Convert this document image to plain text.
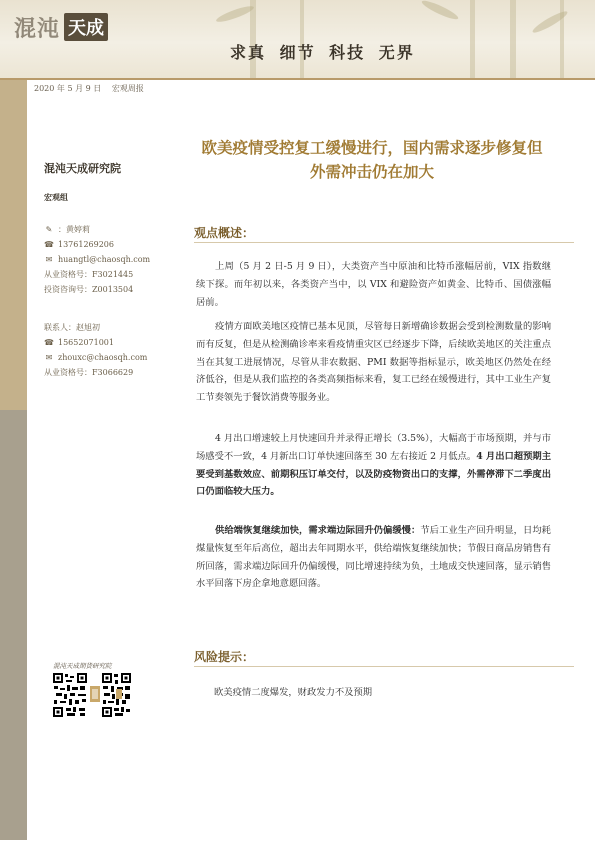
混沌 天成
求真 细节 科技 无界
2020 年 5 月 9 日 宏观周报
混沌天成研究院
宏观组
✎ ：黄婷莉
☎ 13761269206
✉ huangtl@chaosqh.com
从业资格号：F3021445
投资咨询号：Z0013504
联系人：赵旭初
☎ 15652071001
✉ zhouxc@chaosqh.com
从业资格号：F3066629
混沌天成期货研究院
欧美疫情受控复工缓慢进行，国内需求逐步修复但外需冲击仍在加大
观点概述：
上周（5 月 2 日-5 月 9 日），大类资产当中原油和比特币涨幅居前，VIX 指数继续下探。而年初以来，各类资产当中，以 VIX 和避险资产如黄金、比特币、国债涨幅居前。
疫情方面欧美地区疫情已基本见顶，尽管每日新增确诊数据会受到检测数量的影响而有反复，但是从检测确诊率来看疫情重灾区已经逐步下降，后续欧美地区的关注重点当在其复工进展情况，尽管从非农数据、PMI 数据等指标显示，欧美地区仍然处在经济低谷，但是从我们监控的各类高频指标来看，复工已经在缓慢进行，其中工业生产复工节奏领先于餐饮消费等服务业。
4 月出口增速较上月快速回升并录得正增长（3.5%），大幅高于市场预期，并与市场感受不一致，4 月新出口订单快速回落至 30 左右接近 2 月低点。4 月出口超预期主要受到基数效应、前期积压订单交付，以及防疫物资出口的支撑，外需停滞下二季度出口仍面临较大压力。
供给端恢复继续加快，需求端边际回升仍偏缓慢：节后工业生产回升明显，日均耗煤量恢复至年后高位，超出去年同期水平，供给端恢复继续加快；节假日商品房销售有所回落，需求端边际回升仍偏缓慢，同比增速持续为负，土地成交快速回落，显示销售水平回落下房企拿地意愿回落。
风险提示：
欧美疫情二度爆发，财政发力不及预期
